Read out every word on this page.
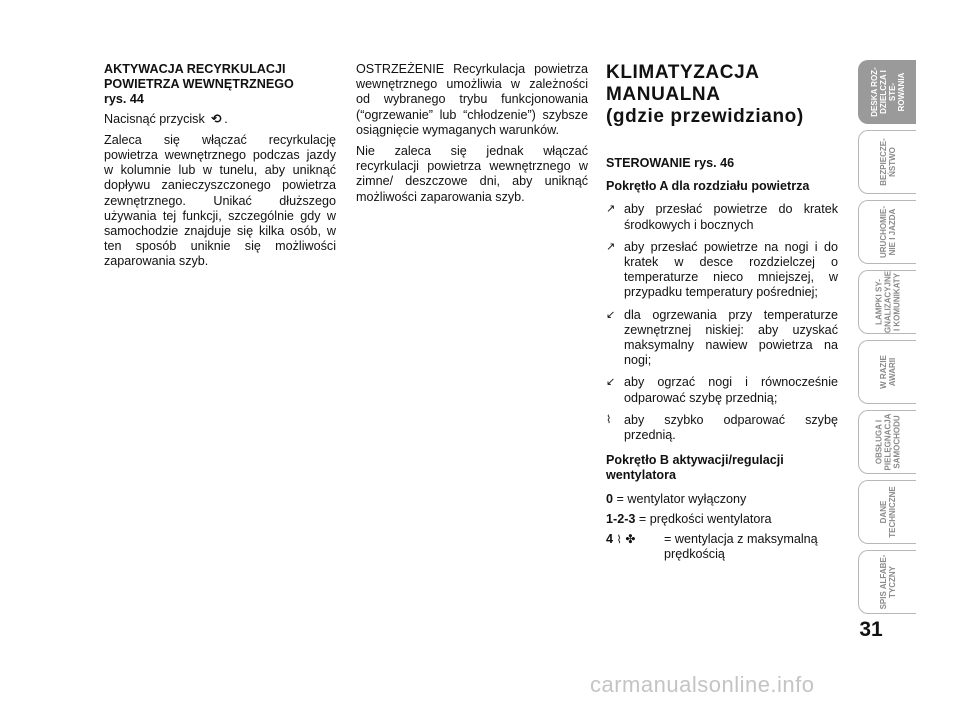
AKTYWACJA RECYRKULACJI
POWIETRZA WEWNĘTRZNEGO
rys. 44

Nacisnąć przycisk ⟲ .

Zaleca się włączać recyrkulację powietrza wewnętrznego podczas jazdy w kolumnie lub w tunelu, aby uniknąć dopływu zanieczyszczonego powietrza zewnętrznego. Unikać dłuższego używania tej funkcji, szczególnie gdy w samochodzie znajduje się kilka osób, w ten sposób uniknie się możliwości zaparowania szyb.

OSTRZEŻENIE Recyrkulacja powietrza wewnętrznego umożliwia w zależności od wybranego trybu funkcjonowania (“ogrzewanie” lub “chłodzenie”) szybsze osiągnięcie wymaganych warunków.

Nie zaleca się jednak włączać recyrkulacji powietrza wewnętrznego w zimne/ deszczowe dni, aby uniknąć możliwości zaparowania szyb.

KLIMATYZACJA
MANUALNA
(gdzie przewidziano)
STEROWANIE rys. 46
Pokrętło A dla rozdziału powietrza
↗ aby przesłać powietrze do kratek środkowych i bocznych
↗ aby przesłać powietrze na nogi i do kratek w desce rozdzielczej o temperaturze nieco mniejszej, w przypadku temperatury pośredniej;
↙ dla ogrzewania przy temperaturze zewnętrznej niskiej: aby uzyskać maksymalny nawiew powietrza na nogi;
↙ aby ogrzać nogi i równocześnie odparować szybę przednią;
⌇	aby szybko odparować szybę przednią.
Pokrętło B aktywacji/regulacji
wentylatora
0 = wentylator wyłączony
1-2-3 = prędkości wentylatora
4 ⌇ ✤	= wentylacja z maksymalną prędkością
DESKA ROZ-
DZIELCZA I STE-
ROWANIA
BEZPIECZE-
ŃSTWO
URUCHOMIE-
NIE I JAZDA
LAMPKI SY-
GNALIZACYJNE
I KOMUNIKATY
W RAZIE
AWARII
OBSŁUGA I
PIELĘGNACJA
SAMOCHODU
DANE
TECHNICZNE
SPIS ALFABE-
TYCZNY
31
carmanualsonline.info
